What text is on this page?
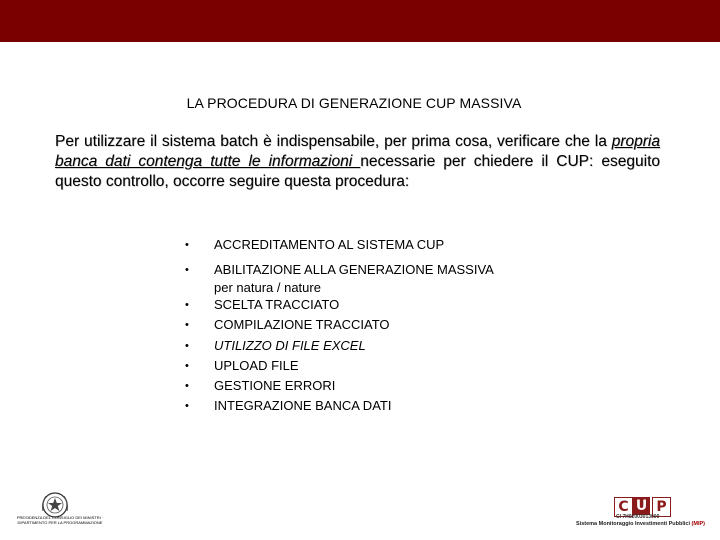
LA PROCEDURA DI GENERAZIONE CUP MASSIVA
Per utilizzare il sistema batch è indispensabile, per prima cosa, verificare che la propria banca dati contenga tutte le informazioni necessarie per chiedere il CUP: eseguito questo controllo, occorre seguire questa procedura:
• ACCREDITAMENTO AL SISTEMA CUP
• ABILITAZIONE ALLA GENERAZIONE MASSIVA
per natura / nature
• SCELTA TRACCIATO
• COMPILAZIONE TRACCIATO
• UTILIZZO DI FILE EXCEL
• UPLOAD FILE
• GESTIONE ERRORI
• INTEGRAZIONE BANCA DATI
PRESIDENZA DEL CONSIGLIO DEI MINISTRI · DIPARTIMENTO PER LA PROGRAMMAZIONE
C U P
CI 7H02003013000
Sistema Monitoraggio Investimenti Pubblici (MIP)
